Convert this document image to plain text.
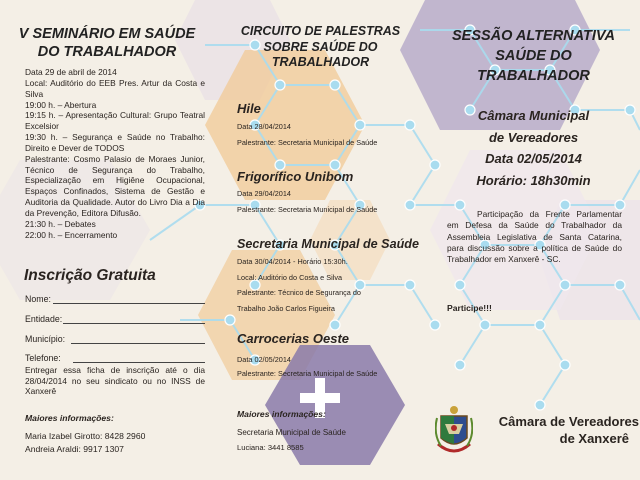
V SEMINÁRIO EM SAÚDE
DO TRABALHADOR
Data 29 de abril de 2014
Local: Auditório do EEB Pres. Artur da Costa e Silva
19:00 h. – Abertura
19:15 h. – Apresentação Cultural: Grupo Teatral Excelsior
19:30 h. – Segurança e Saúde no Trabalho: Direito e Dever de TODOS
Palestrante: Cosmo Palasio de Moraes Junior, Técnico de Segurança do Trabalho, Especialização em Higiêne Ocupacional, Espaços Confinados, Sistema de Gestão e Auditoria da Qualidade. Autor do Livro Dia a Dia da Prevenção, Editora Difusão.
21:30 h. – Debates
22:00 h. – Encerramento
Inscrição Gratuita
Nome:
Entidade:
Município:
Telefone:
Entregar essa ficha de inscrição até o dia 28/04/2014 no seu sindicato ou no INSS de Xanxerê
Maiores informações:
Maria Izabel Girotto: 8428 2960
Andreia Araldi: 9917 1307
CIRCUITO DE PALESTRAS
SOBRE SAÚDE DO
TRABALHADOR
Hile
Data 28/04/2014
Palestrante: Secretaria Municipal de Saúde
Frigorífico Unibom
Data 29/04/2014
Palestrante: Secretaria Municipal de Saúde
Secretaria Municipal de Saúde
Data 30/04/2014 - Horário 15:30h.
Local: Auditório do Costa e Silva
Palestrante: Técnico de Segurança do
Trabalho João Carlos Figueira
Carrocerias Oeste
Data 02/05/2014
Palestrante: Secretaria Municipal de Saúde
Maiores informações:
Secretaria Municipal de Saúde
Luciana: 3441 8585
SESSÃO ALTERNATIVA
SAÚDE DO
TRABALHADOR
Câmara Municipal
de Vereadores
Data 02/05/2014
Horário: 18h30min
Participação da Frente Parlamentar em Defesa da Saúde do Trabalhador da Assembleia Legislativa de Santa Catarina, para discussão sobre a política de Saúde do Trabalhador em Xanxerê - SC.
Participe!!!
Câmara de Vereadores
de Xanxerê
